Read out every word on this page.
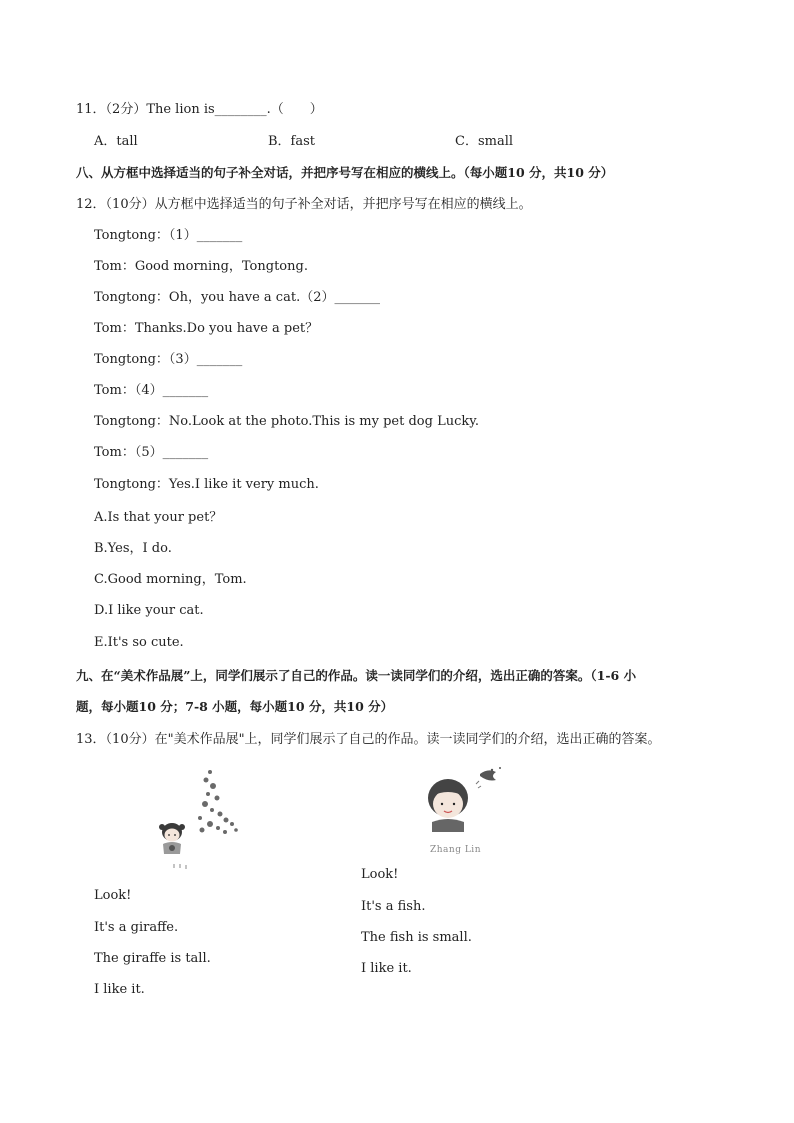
11．（2分）The lion is________.（　　）
A．tall	B．fast	C．small
八、从方框中选择适当的句子补全对话，并把序号写在相应的横线上。（每小题10 分，共10 分）
12．（10分）从方框中选择适当的句子补全对话，并把序号写在相应的横线上。
Tongtong：（1）_______
Tom：Good morning，Tongtong.
Tongtong：Oh，you have a cat.（2）_______
Tom：Thanks.Do you have a pet？
Tongtong：（3）_______
Tom：（4）_______
Tongtong：No.Look at the photo.This is my pet dog Lucky.
Tom：（5）_______
Tongtong：Yes.I like it very much.
A.Is that your pet？
B.Yes，I do.
C.Good morning，Tom.
D.I like your cat.
E.It's so cute.
九、在“美术作品展”上，同学们展示了自己的作品。读一读同学们的介绍，选出正确的答案。（1-6 小
题，每小题10 分；7-8 小题，每小题10 分，共10 分）
13．（10分）在"美术作品展"上，同学们展示了自己的作品。读一读同学们的介绍，选出正确的答案。
Zhang Lin
Look!
It's a giraffe.
The giraffe is tall.
I like it.
Look!
It's a fish.
The fish is small.
I like it.
